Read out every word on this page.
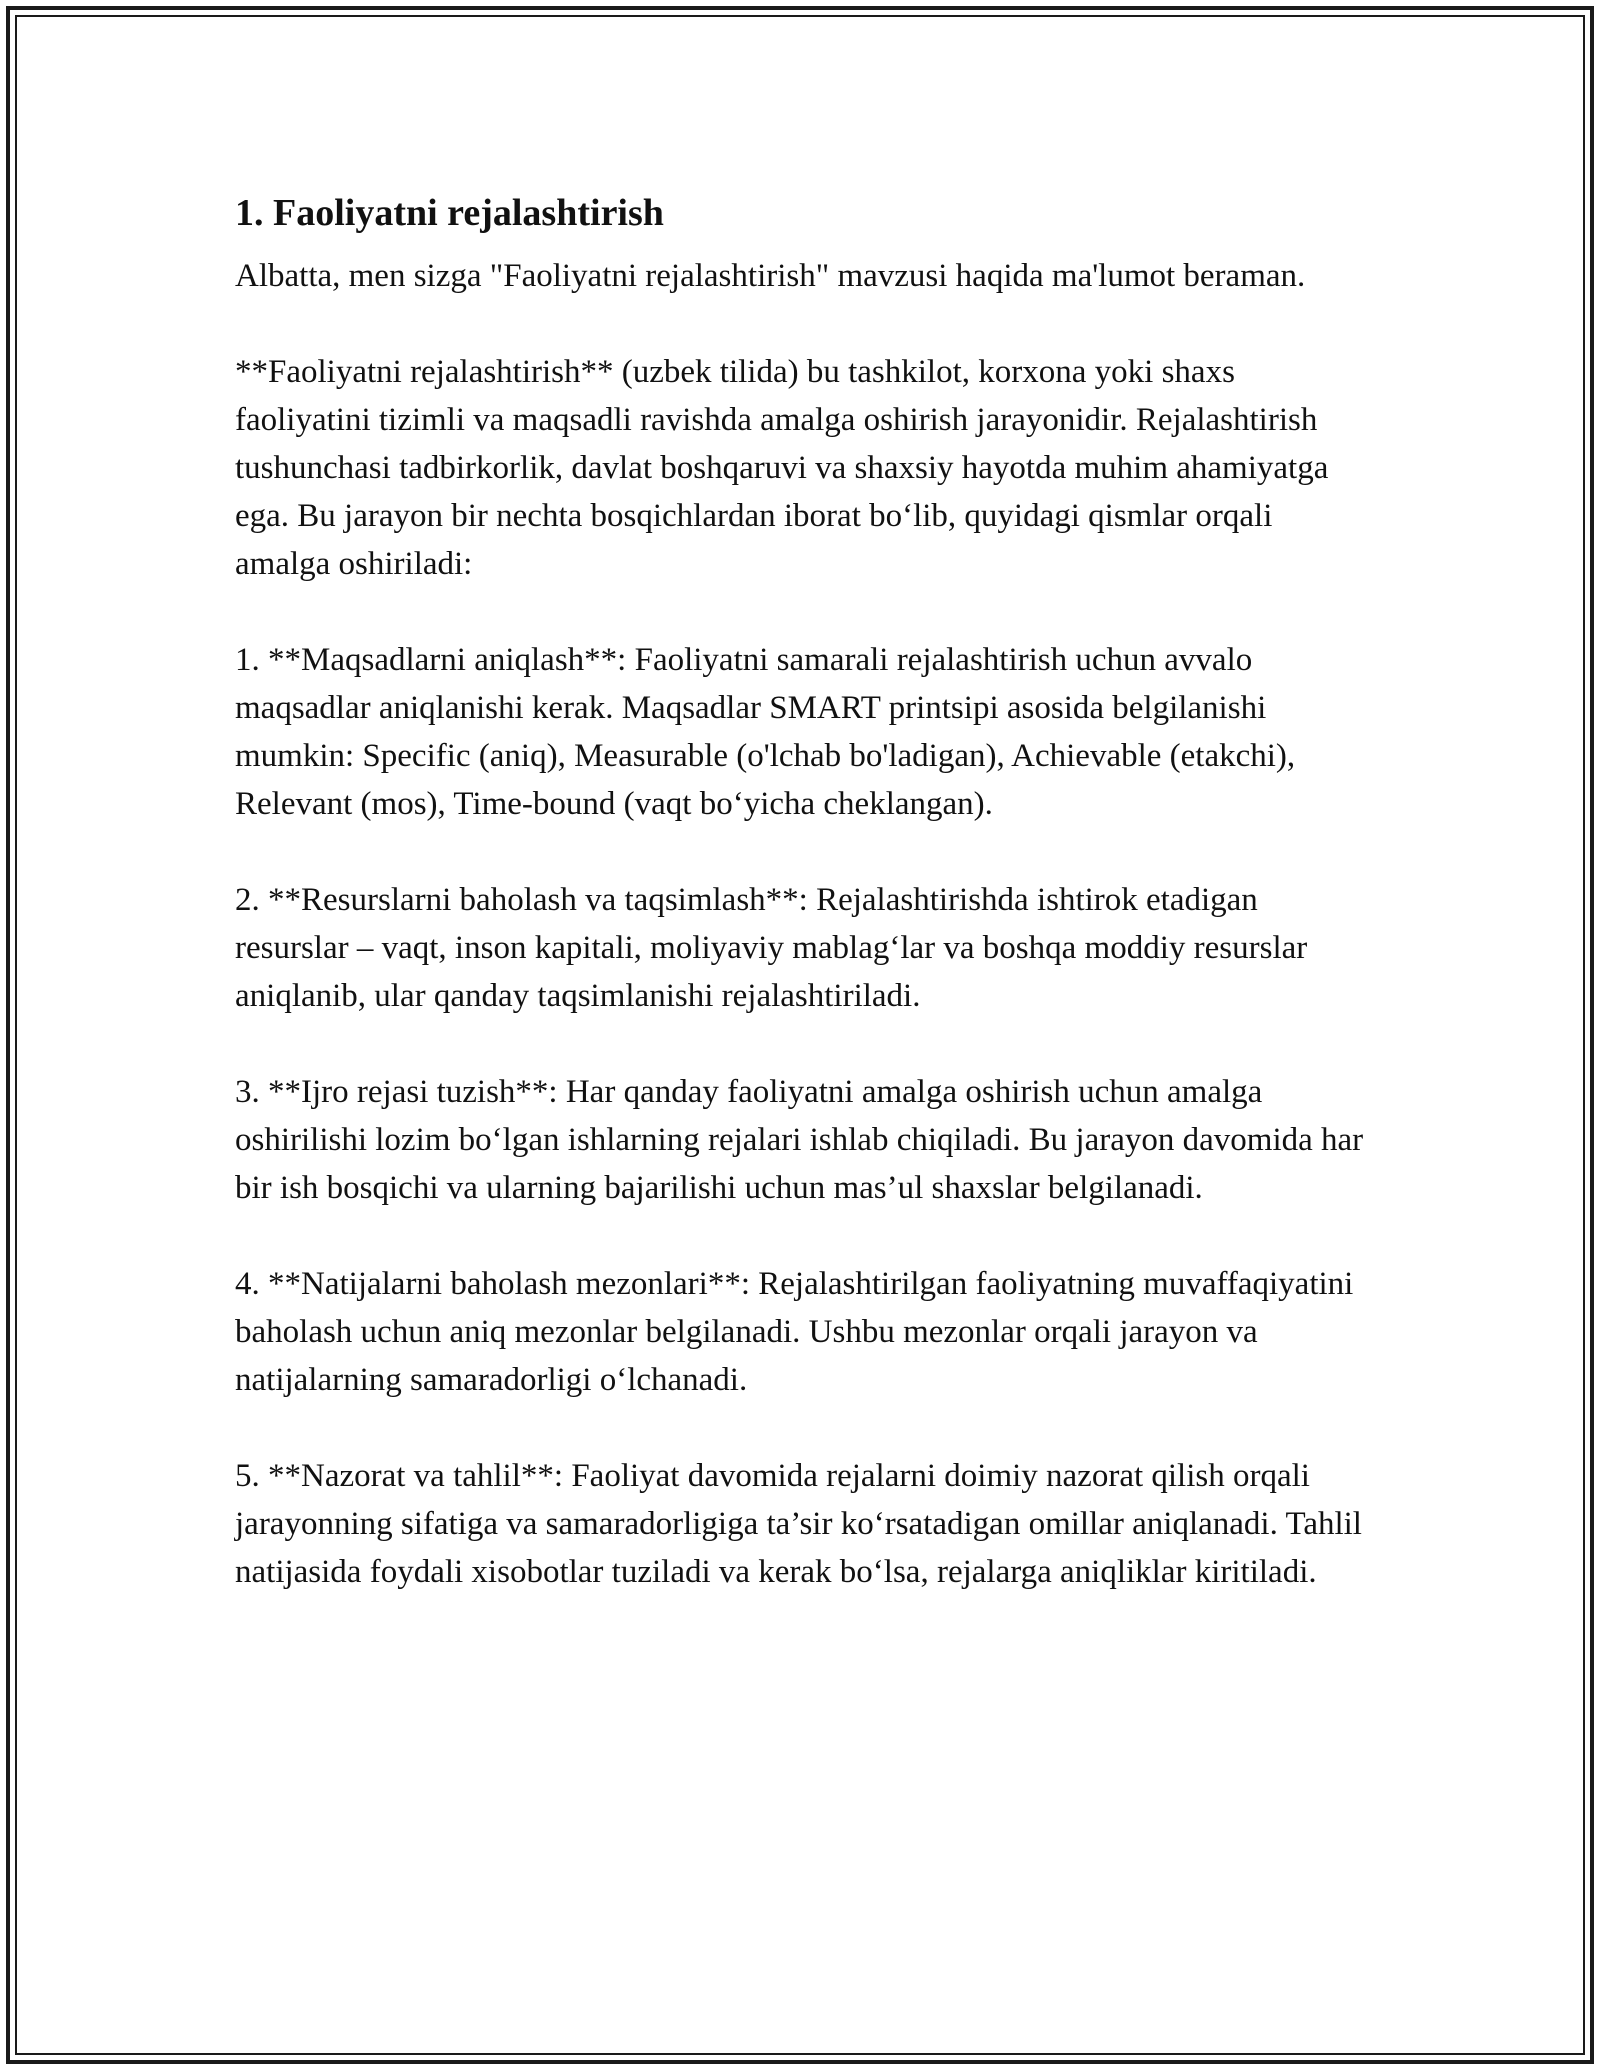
1. Faoliyatni rejalashtirish

Albatta, men sizga "Faoliyatni rejalashtirish" mavzusi haqida ma'lumot beraman.

**Faoliyatni rejalashtirish** (uzbek tilida) bu tashkilot, korxona yoki shaxs faoliyatini tizimli va maqsadli ravishda amalga oshirish jarayonidir. Rejalashtirish tushunchasi tadbirkorlik, davlat boshqaruvi va shaxsiy hayotda muhim ahamiyatga ega. Bu jarayon bir nechta bosqichlardan iborat bo‘lib, quyidagi qismlar orqali amalga oshiriladi:

1. **Maqsadlarni aniqlash**: Faoliyatni samarali rejalashtirish uchun avvalo maqsadlar aniqlanishi kerak. Maqsadlar SMART printsipi asosida belgilanishi mumkin: Specific (aniq), Measurable (o'lchab bo'ladigan), Achievable (etakchi), Relevant (mos), Time-bound (vaqt bo‘yicha cheklangan).

2. **Resurslarni baholash va taqsimlash**: Rejalashtirishda ishtirok etadigan resurslar – vaqt, inson kapitali, moliyaviy mablag‘lar va boshqa moddiy resurslar aniqlanib, ular qanday taqsimlanishi rejalashtiriladi.

3. **Ijro rejasi tuzish**: Har qanday faoliyatni amalga oshirish uchun amalga oshirilishi lozim bo‘lgan ishlarning rejalari ishlab chiqiladi. Bu jarayon davomida har bir ish bosqichi va ularning bajarilishi uchun mas’ul shaxslar belgilanadi.

4. **Natijalarni baholash mezonlari**: Rejalashtirilgan faoliyatning muvaffaqiyatini baholash uchun aniq mezonlar belgilanadi. Ushbu mezonlar orqali jarayon va natijalarning samaradorligi o‘lchanadi.

5. **Nazorat va tahlil**: Faoliyat davomida rejalarni doimiy nazorat qilish orqali jarayonning sifatiga va samaradorligiga ta’sir ko‘rsatadigan omillar aniqlanadi. Tahlil natijasida foydali xisobotlar tuziladi va kerak bo‘lsa, rejalarga aniqliklar kiritiladi.
